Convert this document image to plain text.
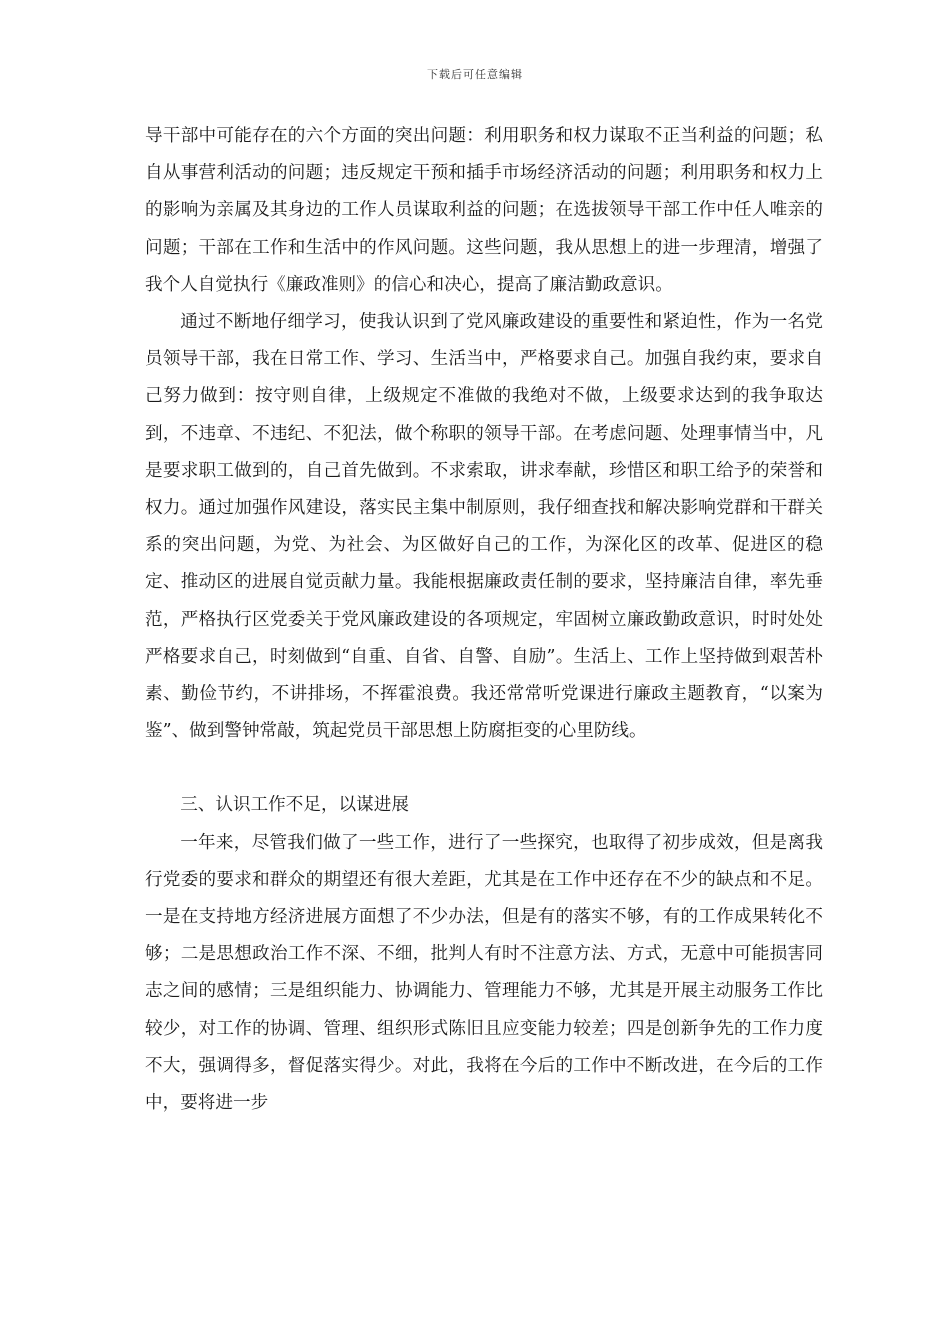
下载后可任意编辑

导干部中可能存在的六个方面的突出问题：利用职务和权力谋取不正当利益的问题；私自从事营利活动的问题；违反规定干预和插手市场经济活动的问题；利用职务和权力上的影响为亲属及其身边的工作人员谋取利益的问题；在选拔领导干部工作中任人唯亲的问题；干部在工作和生活中的作风问题。这些问题，我从思想上的进一步理清，增强了我个人自觉执行《廉政准则》的信心和决心，提高了廉洁勤政意识。

通过不断地仔细学习，使我认识到了党风廉政建设的重要性和紧迫性，作为一名党员领导干部，我在日常工作、学习、生活当中，严格要求自己。加强自我约束，要求自己努力做到：按守则自律，上级规定不准做的我绝对不做，上级要求达到的我争取达到，不违章、不违纪、不犯法，做个称职的领导干部。在考虑问题、处理事情当中，凡是要求职工做到的，自己首先做到。不求索取，讲求奉献，珍惜区和职工给予的荣誉和权力。通过加强作风建设，落实民主集中制原则，我仔细查找和解决影响党群和干群关系的突出问题，为党、为社会、为区做好自己的工作，为深化区的改革、促进区的稳定、推动区的进展自觉贡献力量。我能根据廉政责任制的要求，坚持廉洁自律，率先垂范，严格执行区党委关于党风廉政建设的各项规定，牢固树立廉政勤政意识，时时处处严格要求自己，时刻做到“自重、自省、自警、自励”。生活上、工作上坚持做到艰苦朴素、勤俭节约，不讲排场，不挥霍浪费。我还常常听党课进行廉政主题教育，“以案为鉴”、做到警钟常敲，筑起党员干部思想上防腐拒变的心里防线。

三、认识工作不足，以谋进展

一年来，尽管我们做了一些工作，进行了一些探究，也取得了初步成效，但是离我行党委的要求和群众的期望还有很大差距，尤其是在工作中还存在不少的缺点和不足。一是在支持地方经济进展方面想了不少办法，但是有的落实不够，有的工作成果转化不够；二是思想政治工作不深、不细，批判人有时不注意方法、方式，无意中可能损害同志之间的感情；三是组织能力、协调能力、管理能力不够，尤其是开展主动服务工作比较少，对工作的协调、管理、组织形式陈旧且应变能力较差；四是创新争先的工作力度不大，强调得多，督促落实得少。对此，我将在今后的工作中不断改进，在今后的工作中，要将进一步
